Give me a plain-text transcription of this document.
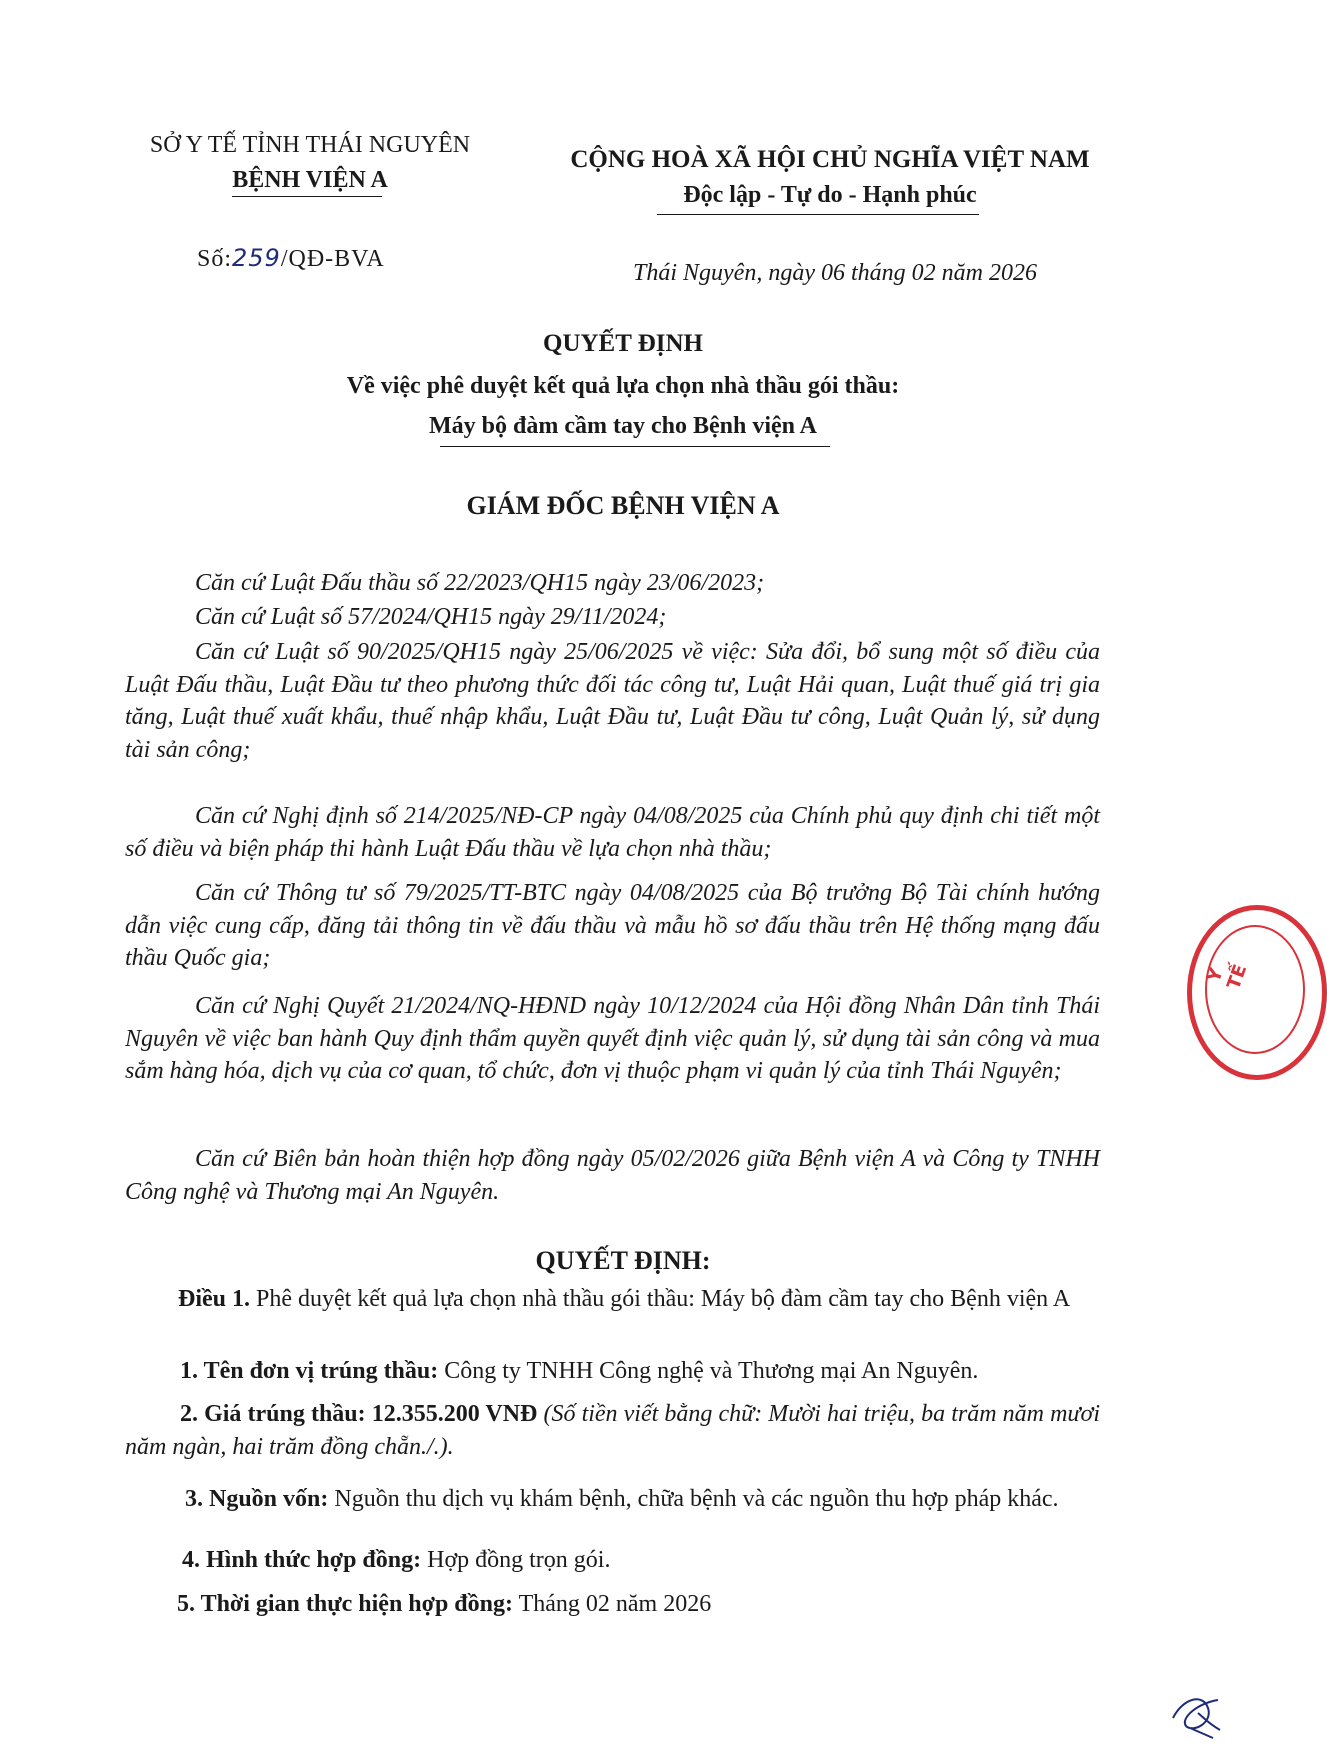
SỞ Y TẾ TỈNH THÁI NGUYÊN
BỆNH VIỆN A
Số:259/QĐ-BVA
CỘNG HOÀ XÃ HỘI CHỦ NGHĨA VIỆT NAM
Độc lập - Tự do - Hạnh phúc
Thái Nguyên, ngày 06 tháng 02 năm 2026
QUYẾT ĐỊNH
Về việc phê duyệt kết quả lựa chọn nhà thầu gói thầu:
Máy bộ đàm cầm tay cho Bệnh viện A
GIÁM ĐỐC BỆNH VIỆN A
Căn cứ Luật Đấu thầu số 22/2023/QH15 ngày 23/06/2023;
Căn cứ Luật số 57/2024/QH15 ngày 29/11/2024;
Căn cứ Luật số 90/2025/QH15 ngày 25/06/2025 về việc: Sửa đổi, bổ sung một số điều của Luật Đấu thầu, Luật Đầu tư theo phương thức đối tác công tư, Luật Hải quan, Luật thuế giá trị gia tăng, Luật thuế xuất khẩu, thuế nhập khẩu, Luật Đầu tư, Luật Đầu tư công, Luật Quản lý, sử dụng tài sản công;
Căn cứ Nghị định số 214/2025/NĐ-CP ngày 04/08/2025 của Chính phủ quy định chi tiết một số điều và biện pháp thi hành Luật Đấu thầu về lựa chọn nhà thầu;
Căn cứ Thông tư số 79/2025/TT-BTC ngày 04/08/2025 của Bộ trưởng Bộ Tài chính hướng dẫn việc cung cấp, đăng tải thông tin về đấu thầu và mẫu hồ sơ đấu thầu trên Hệ thống mạng đấu thầu Quốc gia;
Căn cứ Nghị Quyết 21/2024/NQ-HĐND ngày 10/12/2024 của Hội đồng Nhân Dân tỉnh Thái Nguyên về việc ban hành Quy định thẩm quyền quyết định việc quản lý, sử dụng tài sản công và mua sắm hàng hóa, dịch vụ của cơ quan, tổ chức, đơn vị thuộc phạm vi quản lý của tỉnh Thái Nguyên;
Căn cứ Biên bản hoàn thiện hợp đồng ngày 05/02/2026 giữa Bệnh viện A và Công ty TNHH Công nghệ và Thương mại An Nguyên.
QUYẾT ĐỊNH:
Điều 1. Phê duyệt kết quả lựa chọn nhà thầu gói thầu: Máy bộ đàm cầm tay cho Bệnh viện A
1. Tên đơn vị trúng thầu: Công ty TNHH Công nghệ và Thương mại An Nguyên.
2. Giá trúng thầu: 12.355.200 VNĐ (Số tiền viết bằng chữ: Mười hai triệu, ba trăm năm mươi năm ngàn, hai trăm đồng chẵn./.).
3. Nguồn vốn: Nguồn thu dịch vụ khám bệnh, chữa bệnh và các nguồn thu hợp pháp khác.
4. Hình thức hợp đồng: Hợp đồng trọn gói.
5. Thời gian thực hiện hợp đồng: Tháng 02 năm 2026
Y TẾ
